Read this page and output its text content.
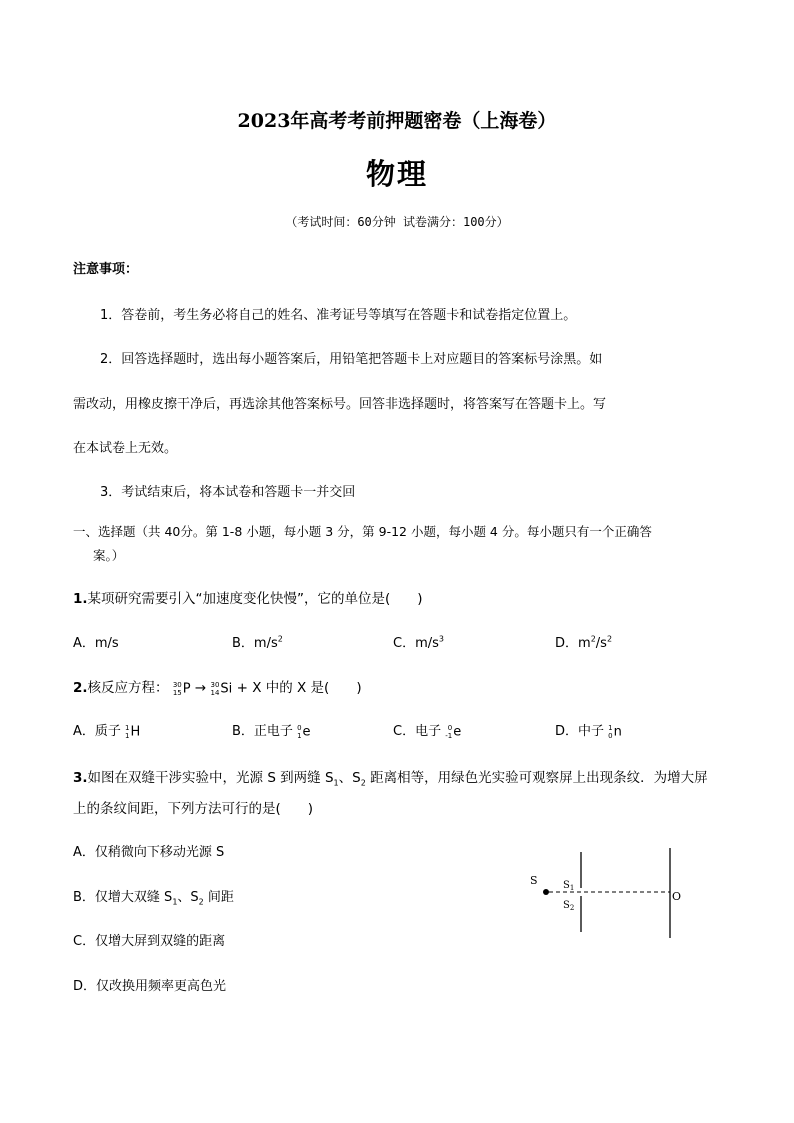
2023年高考考前押题密卷（上海卷）
物理
（考试时间：60分钟 试卷满分：100分）
注意事项：
1．答卷前，考生务必将自己的姓名、准考证号等填写在答题卡和试卷指定位置上。
2．回答选择题时，选出每小题答案后，用铅笔把答题卡上对应题目的答案标号涂黑。如
需改动，用橡皮擦干净后，再选涂其他答案标号。回答非选择题时，将答案写在答题卡上。写
在本试卷上无效。
3．考试结束后，将本试卷和答题卡一并交回
一、选择题（共 40分。第 1-8 小题，每小题 3 分，第 9-12 小题，每小题 4 分。每小题只有一个正确答
案。）
1.某项研究需要引入“加速度变化快慢”，它的单位是(　　)
A．m/s	B．$m/s^2$	C．$m/s^3$	D．$m^2/s^2$
2.核反应方程： 30
15P → 30
14Si + X 中的 X 是(　　)
A．质子 1
1H	B．正电子 0
1e	C．电子 0
-1e	D．中子 1
0n
3.如图在双缝干涉实验中，光源 S 到两缝 $S_1$、$S_2$ 距离相等，用绿色光实验可观察屏上出现条纹．为增大屏
上的条纹间距，下列方法可行的是(　　)
A．仅稍微向下移动光源 S
B．仅增大双缝 $S_1$、$S_2$ 间距
C．仅增大屏到双缝的距离
D．仅改换用频率更高色光
S	$S_1$
$S_2$
O
